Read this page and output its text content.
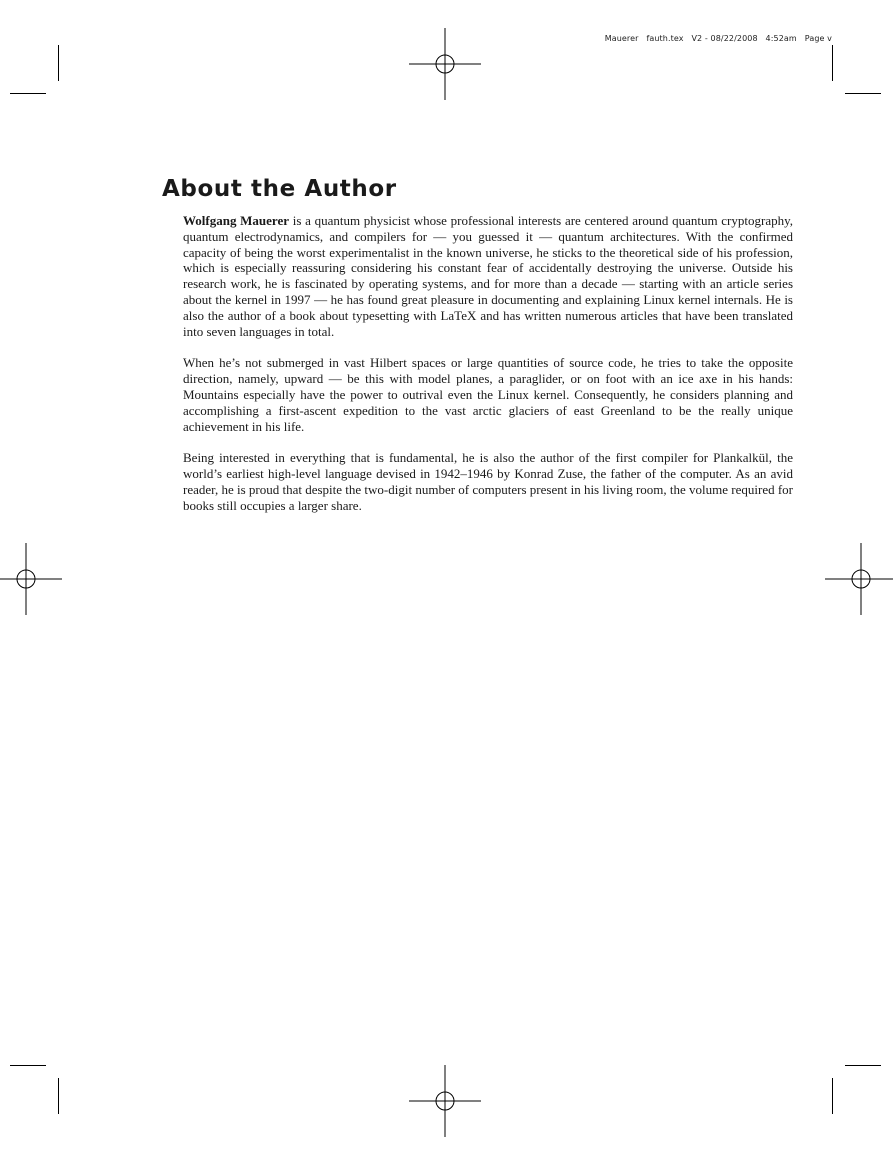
Mauerer   fauth.tex   V2 - 08/22/2008   4:52am   Page v
About the Author

Wolfgang Mauerer is a quantum physicist whose professional interests are centered around quantum cryptography, quantum electrodynamics, and compilers for — you guessed it — quantum architectures. With the confirmed capacity of being the worst experimentalist in the known universe, he sticks to the theoretical side of his profession, which is especially reassuring considering his constant fear of accidentally destroying the universe. Outside his research work, he is fascinated by operating systems, and for more than a decade — starting with an article series about the kernel in 1997 — he has found great pleasure in documenting and explaining Linux kernel internals. He is also the author of a book about typesetting with LaTeX and has written numerous articles that have been translated into seven languages in total.

When he’s not submerged in vast Hilbert spaces or large quantities of source code, he tries to take the opposite direction, namely, upward — be this with model planes, a paraglider, or on foot with an ice axe in his hands: Mountains especially have the power to outrival even the Linux kernel. Consequently, he considers planning and accomplishing a first-ascent expedition to the vast arctic glaciers of east Greenland to be the really unique achievement in his life.

Being interested in everything that is fundamental, he is also the author of the first compiler for Plankalkül, the world’s earliest high-level language devised in 1942–1946 by Konrad Zuse, the father of the computer. As an avid reader, he is proud that despite the two-digit number of computers present in his living room, the volume required for books still occupies a larger share.
